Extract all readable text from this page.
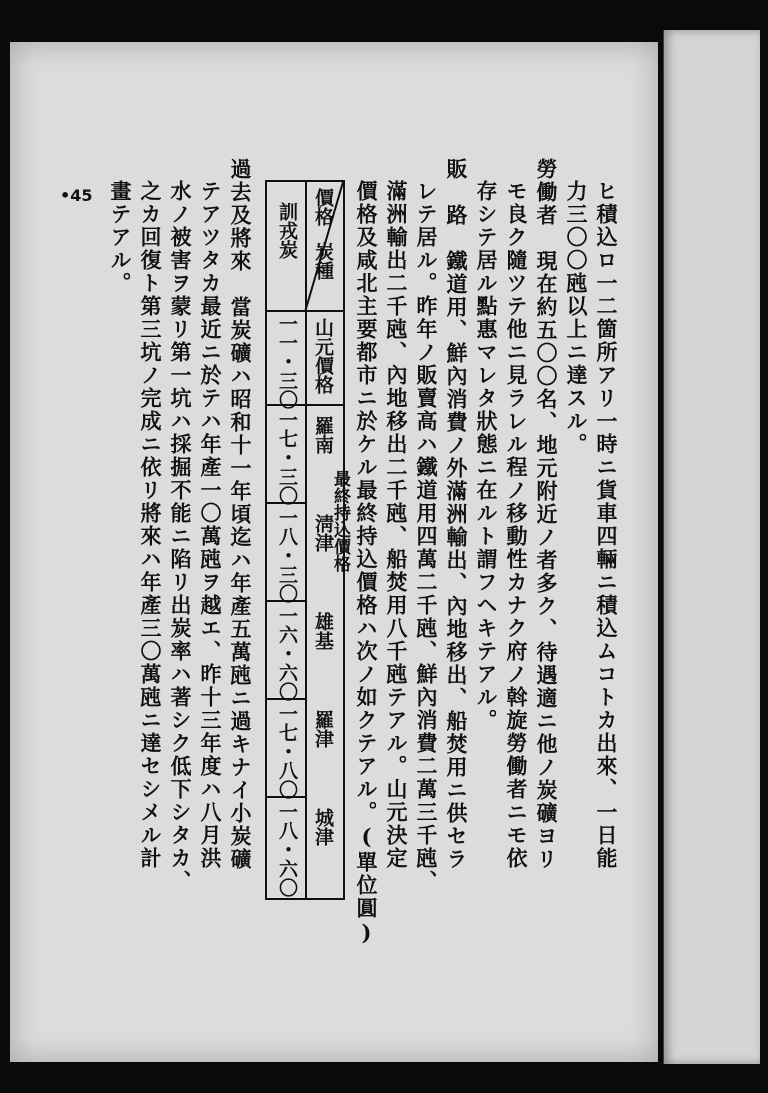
•45	ヒ積込ロ一二箇所アリ一時ニ貨車四輛ニ積込ムコトカ出來、一日能
力三〇〇瓲以上ニ達スル。
勞働者　現在約五〇〇名、地元附近ノ者多ク、待遇適ニ他ノ炭礦ヨリ
モ良ク隨ツテ他ニ見ラレル程ノ移動性カナク府ノ斡旋勞働者ニモ依
存シテ居ル點惠マレタ狀態ニ在ルト謂フヘキテアル。
販　路　鐵道用、鮮內消費ノ外滿洲輸出、內地移出、船焚用ニ供セラ
レテ居ル。昨年ノ販賣高ハ鐵道用四萬二千瓲、鮮內消費二萬三千瓲、
滿洲輸出二千瓲、內地移出二千瓲、船焚用八千瓲テアル。山元決定
價格及咸北主要都市ニ於ケル最終持込價格ハ次ノ如クテアル。(單位圓)
價格
炭種
訓戎炭
山元價格
羅南
淸津
雄基
羅津
城津
一一・三〇
一七・三〇
一八・三〇
一六・六〇
一七・八〇
一八・六〇
最終持込價格
過去及將來　當炭礦ハ昭和十一年頃迄ハ年產五萬瓲ニ過キナイ小炭礦
テアツタカ最近ニ於テハ年產一〇萬瓲ヲ越エ、昨十三年度ハ八月洪
水ノ被害ヲ蒙リ第一坑ハ採掘不能ニ陷リ出炭率ハ著シク低下シタカ、
之カ回復ト第三坑ノ完成ニ依リ將來ハ年產三〇萬瓲ニ達セシメル計
畫テアル。
